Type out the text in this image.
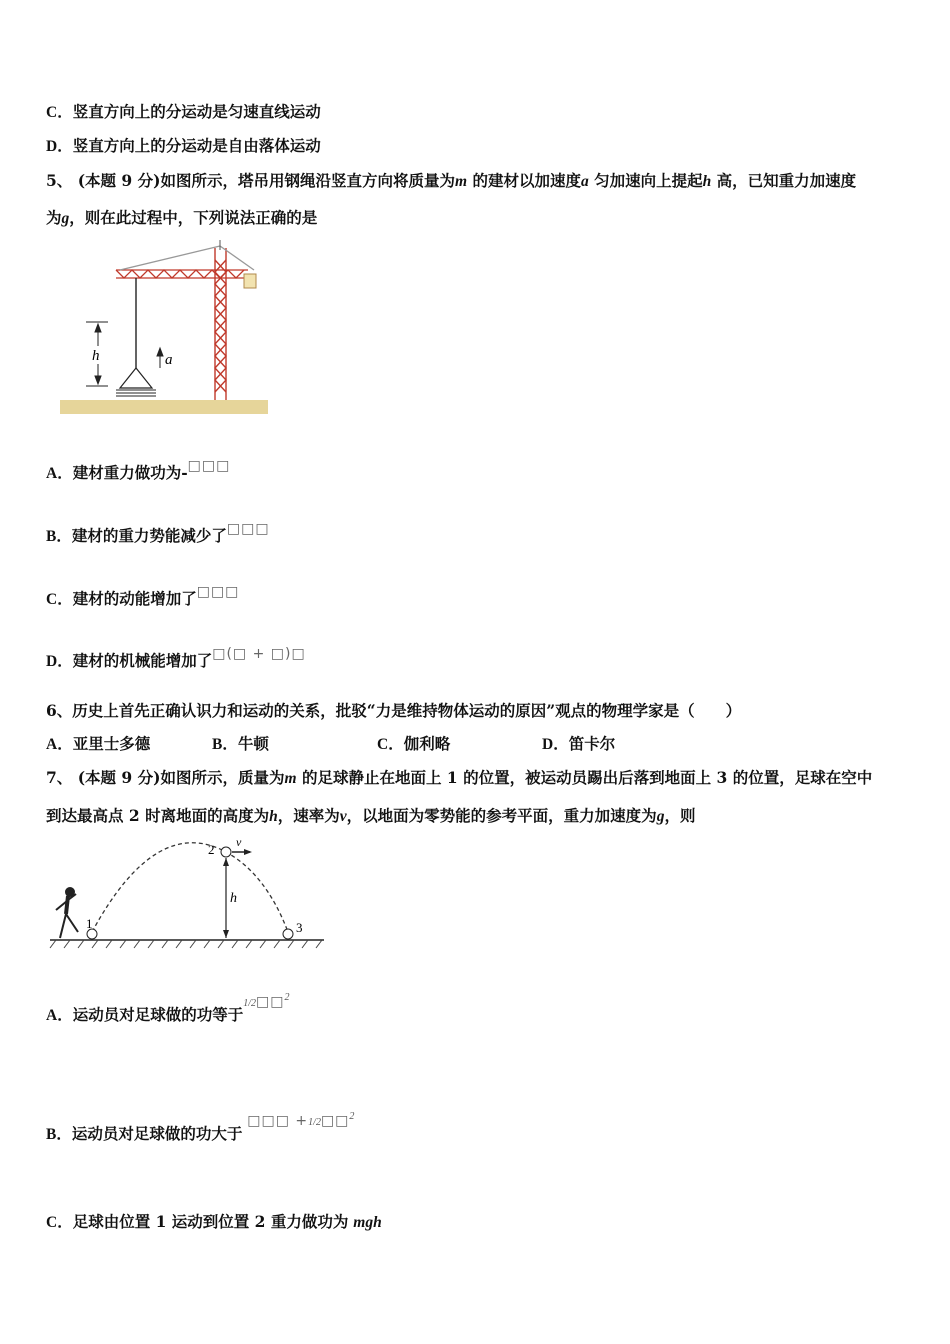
C．竖直方向上的分运动是匀速直线运动
D．竖直方向上的分运动是自由落体运动
5、 (本题 9 分)如图所示，塔吊用钢绳沿竖直方向将质量为m 的建材以加速度a 匀加速向上提起h 高，已知重力加速度
为g，则在此过程中，下列说法正确的是
h	a
A．建材重力做功为-□□□
B．建材的重力势能减少了□□□
C．建材的动能增加了□□□
D．建材的机械能增加了□(□ + □)□
6、历史上首先正确认识力和运动的关系，批驳“力是维持物体运动的原因”观点的物理学家是（　　）
A．亚里士多德	B．牛顿	C．伽利略	D．笛卡尔
7、 (本题 9 分)如图所示，质量为m 的足球静止在地面上 1 的位置，被运动员踢出后落到地面上 3 的位置，足球在空中
到达最高点 2 时离地面的高度为h，速率为v，以地面为零势能的参考平面，重力加速度为g，则
1
2
3
h
v
A．运动员对足球做的功等于$^{1/2}$□□$^2$
B．运动员对足球做的功大于 □□□ +$^{1/2}$□□$^2$
C．足球由位置 1 运动到位置 2 重力做功为 mgh
